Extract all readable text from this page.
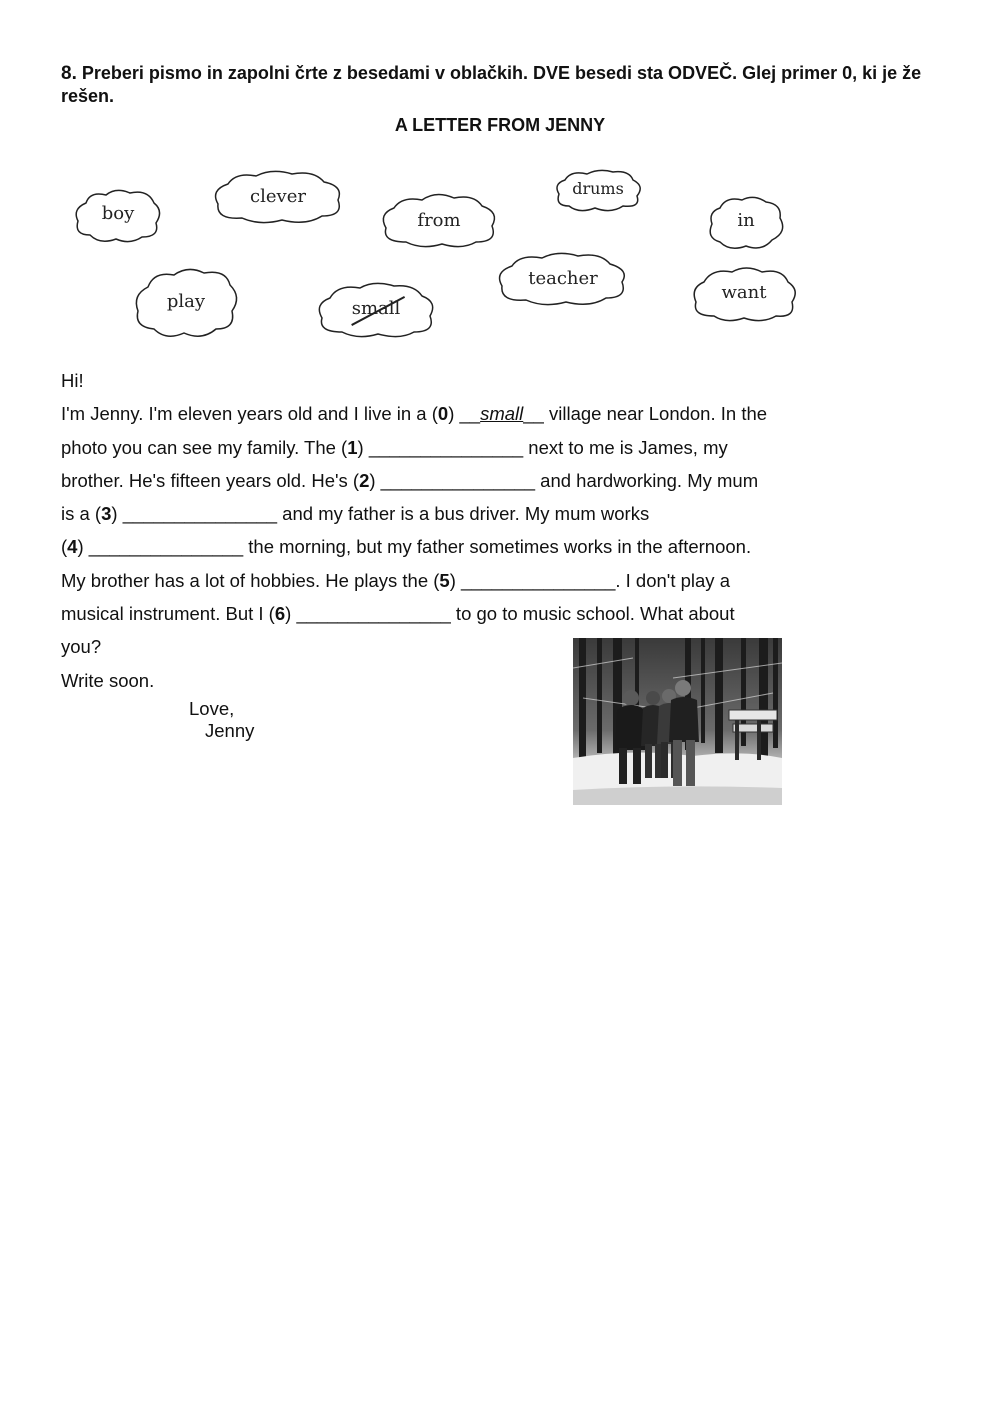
8. Preberi pismo in zapolni črte z besedami v oblačkih. DVE besedi sta ODVEČ. Glej primer 0, ki je že rešen.
A LETTER FROM JENNY
boy
clever
from
drums
in
play	small
teacher
want

Hi!

I'm Jenny. I'm eleven years old and I live in a (0) __small__ village near London. In the

photo you can see my family. The (1) _______________ next to me is James, my

brother. He's fifteen years old. He's (2) _______________ and hardworking. My mum

is a (3) _______________ and my father is a bus driver. My mum works

(4) _______________ the morning, but my father sometimes works in the afternoon.

My brother has a lot of hobbies. He plays the (5) _______________. I don't play a

musical instrument. But I (6) _______________ to go to music school. What about

you?

Write soon.

Love,
Jenny
